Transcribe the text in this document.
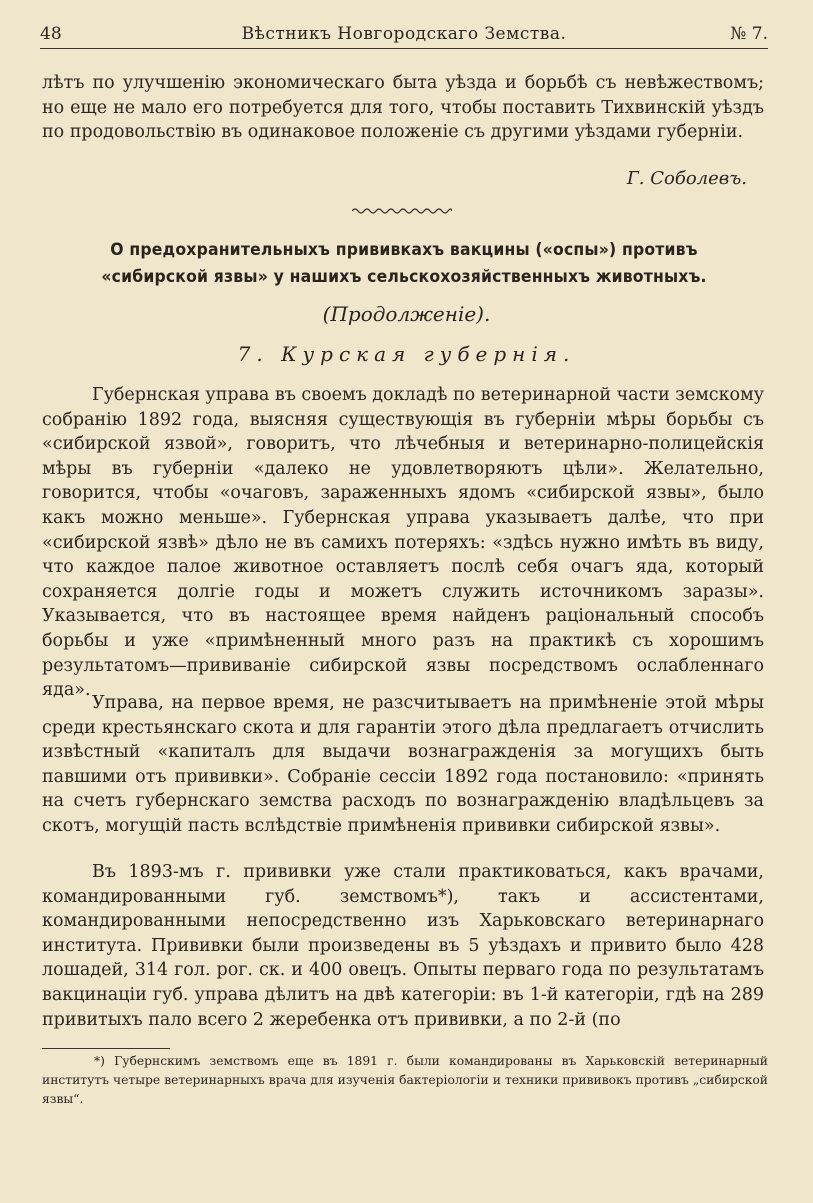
48	Вѣстникъ Новгородскаго Земства.	№ 7.
лѣтъ по улучшенію экономическаго быта уѣзда и борьбѣ съ невѣжествомъ; но еще не мало его потребуется для того, чтобы поставить Тихвинскій уѣздъ по продовольствію въ одинаковое положеніе съ другими уѣздами губерніи.
Г. Соболевъ.
О предохранительныхъ прививкахъ вакцины («оспы») противъ «сибирской язвы» у нашихъ сельскохозяйственныхъ животныхъ.
(Продолженіе).
7. Курская губернія.
Губернская управа въ своемъ докладѣ по ветеринарной части земскому собранію 1892 года, выясняя существующія въ губерніи мѣры борьбы съ «сибирской язвой», говоритъ, что лѣчебныя и ветеринарно-полицейскія мѣры въ губерніи «далеко не удовлетворяютъ цѣли». Желательно, говорится, чтобы «очаговъ, зараженныхъ ядомъ «сибирской язвы», было какъ можно меньше». Губернская управа указываетъ далѣе, что при «сибирской язвѣ» дѣло не въ самихъ потеряхъ: «здѣсь нужно имѣть въ виду, что каждое палое животное оставляетъ послѣ себя очагъ яда, который сохраняется долгіе годы и можетъ служить источникомъ заразы». Указывается, что въ настоящее время найденъ раціональный способъ борьбы и уже «примѣненный много разъ на практикѣ съ хорошимъ результатомъ—прививаніе сибирской язвы посредствомъ ослабленнаго яда».
Управа, на первое время, не разсчитываетъ на примѣненіе этой мѣры среди крестьянскаго скота и для гарантіи этого дѣла предлагаетъ отчислить извѣстный «капиталъ для выдачи вознагражденія за могущихъ быть павшими отъ прививки». Собраніе сессіи 1892 года постановило: «принять на счетъ губернскаго земства расходъ по вознагражденію владѣльцевъ за скотъ, могущій пасть вслѣдствіе примѣненія прививки сибирской язвы».
Въ 1893-мъ г. прививки уже стали практиковаться, какъ врачами, командированными губ. земствомъ*), такъ и ассистентами, командированными непосредственно изъ Харьковскаго ветеринарнаго института. Прививки были произведены въ 5 уѣздахъ и привито было 428 лошадей, 314 гол. рог. ск. и 400 овецъ. Опыты перваго года по результатамъ вакцинаціи губ. управа дѣлитъ на двѣ категоріи: въ 1-й категоріи, гдѣ на 289 привитыхъ пало всего 2 жеребенка отъ прививки, а по 2-й (по
*) Губернскимъ земствомъ еще въ 1891 г. были командированы въ Харьковскій ветеринарный институтъ четыре ветеринарныхъ врача для изученія бактеріологіи и техники прививокъ противъ „сибирской язвы“.
